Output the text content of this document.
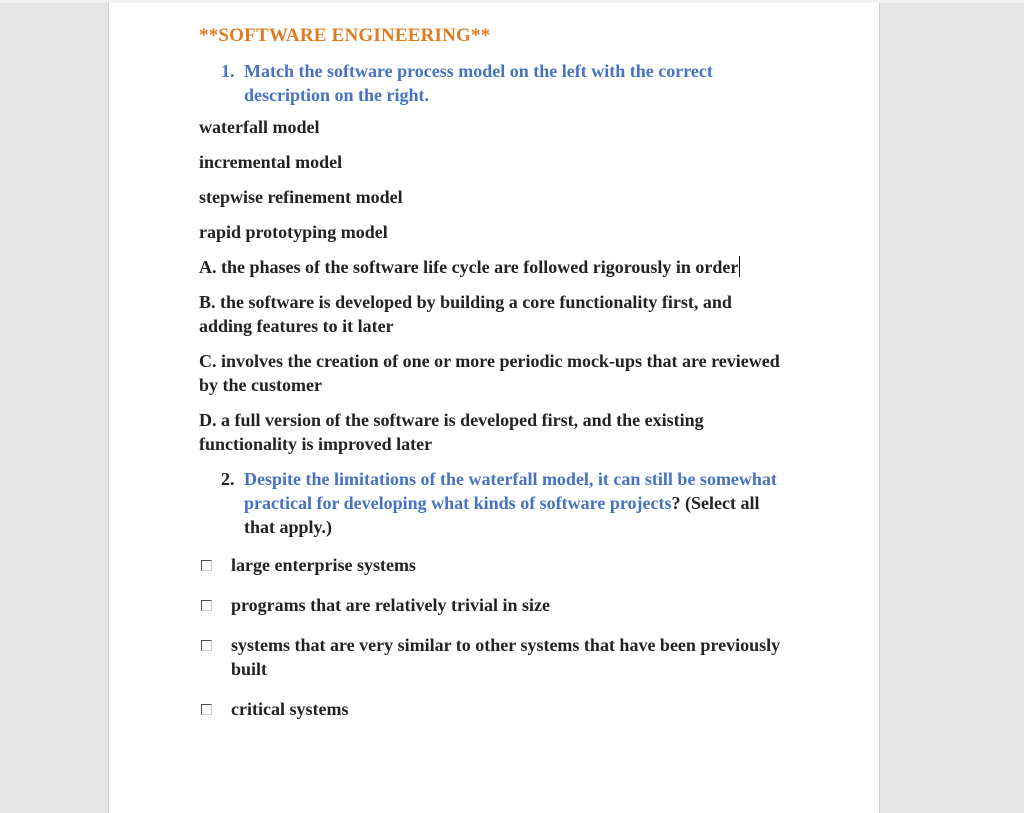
**SOFTWARE ENGINEERING**
1. Match the software process model on the left with the correct description on the right.
waterfall model
incremental model
stepwise refinement model
rapid prototyping model
A. the phases of the software life cycle are followed rigorously in order
B. the software is developed by building a core functionality first, and adding features to it later
C. involves the creation of one or more periodic mock-ups that are reviewed by the customer
D. a full version of the software is developed first, and the existing functionality is improved later
2. Despite the limitations of the waterfall model, it can still be somewhat practical for developing what kinds of software projects? (Select all that apply.)
large enterprise systems
programs that are relatively trivial in size
systems that are very similar to other systems that have been previously built
critical systems
